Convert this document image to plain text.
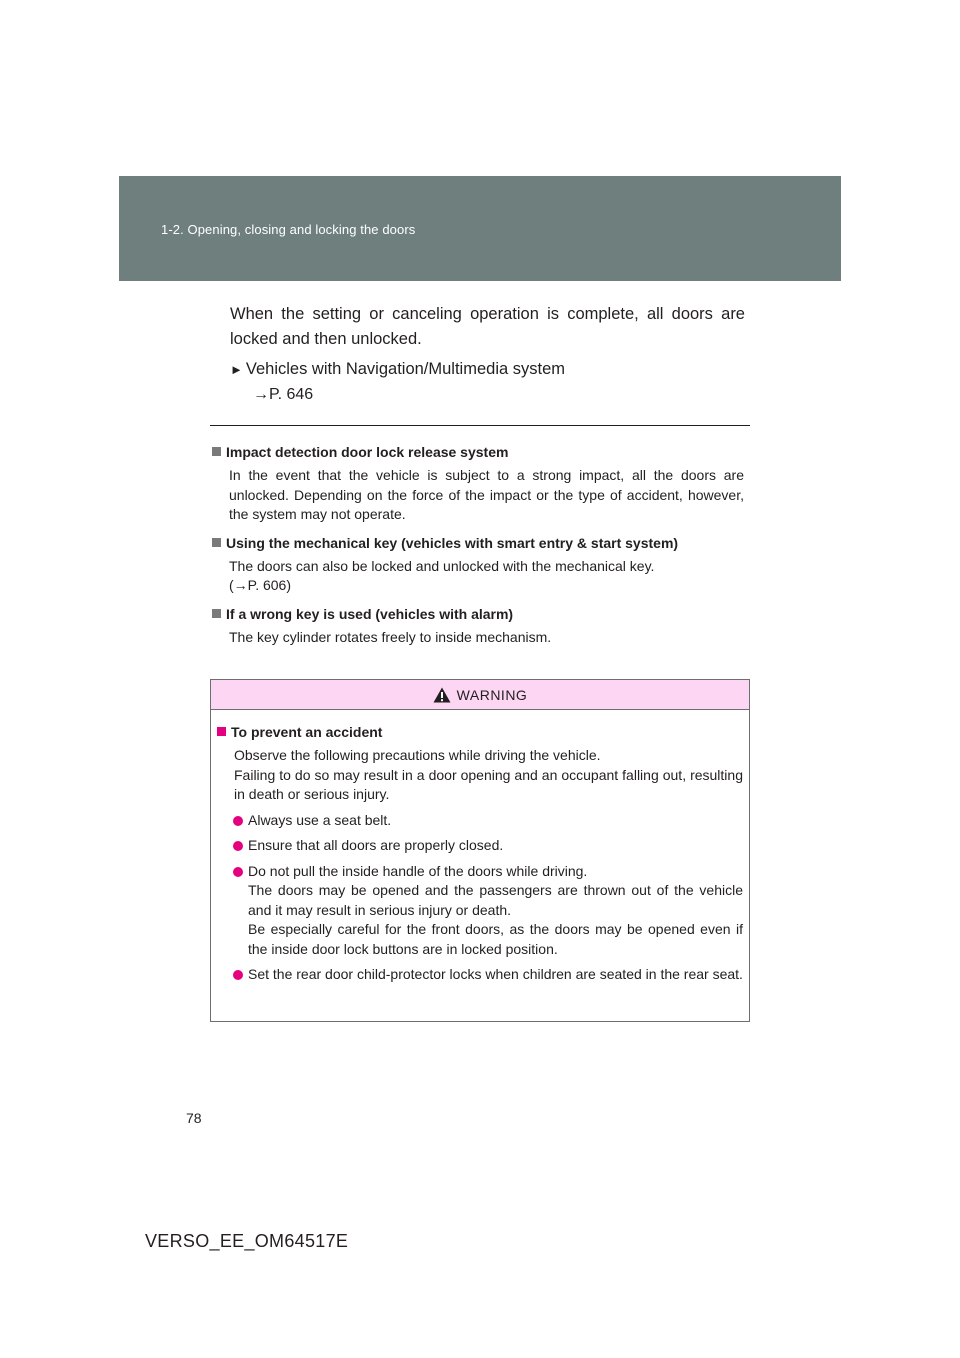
1-2. Opening, closing and locking the doors

When the setting or canceling operation is complete, all doors are locked and then unlocked.

► Vehicles with Navigation/Multimedia system
→P. 646
Impact detection door lock release system

In the event that the vehicle is subject to a strong impact, all the doors are unlocked. Depending on the force of the impact or the type of accident, however, the system may not operate.

Using the mechanical key (vehicles with smart entry & start system)

The doors can also be locked and unlocked with the mechanical key.

(→P. 606)

If a wrong key is used (vehicles with alarm)

The key cylinder rotates freely to inside mechanism.

WARNING
To prevent an accident

Observe the following precautions while driving the vehicle.

Failing to do so may result in a door opening and an occupant falling out, resulting in death or serious injury.

Always use a seat belt.

Ensure that all doors are properly closed.

Do not pull the inside handle of the doors while driving.

The doors may be opened and the passengers are thrown out of the vehicle and it may result in serious injury or death.

Be especially careful for the front doors, as the doors may be opened even if the inside door lock buttons are in locked position.

Set the rear door child-protector locks when children are seated in the rear seat.

78
VERSO_EE_OM64517E
